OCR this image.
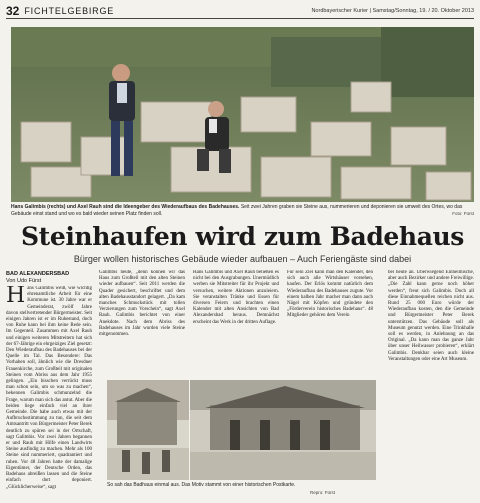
32 FICHTELGEBIRGE	Nordbayerischer Kurier | Samstag/Sonntag, 19. / 20. Oktober 2013
Hans Galimbis (rechts) und Axel Rauh sind die Ideengeber des Wiederaufbaus des Badehauses. Seit zwei Jahren graben sie Steine aus, nummerieren und deponieren sie umweit des Ortes, wo das Gebäude einst stand und wo es bald wieder seinen Platz finden soll.	Foto: Fürst
Steinhaufen wird zum Badehaus
Bürger wollen historisches Gebäude wieder aufbauen – Auch Feriengäste sind dabei
BAD ALEXANDERSBAD
Von Udo Fürst
H ans Galimbis weiß, wie wichtig ehrenamtliche Arbeit für eine Kommune ist. 30 Jahre war er Gemeinderat, zwölf Jahre davon stellvertretender Bürgermeister. Seit einigen Jahren ist er im Ruhestand, doch von Ruhe kann bei ihm keine Rede sein. Im Gegenteil. Zusammen mit Axel Rauh und einigen weiteren Mitstreitern hat sich der 67-Jährige ein ehrgeiziges Ziel gesetzt: Den Wiederaufbau des Badehauses bei der Quelle im Tal. Das Besondere: Das Vorhaben soll, ähnlich wie die Dresdner Frauenkirche, zum Großteil mit originalen Steinen vom Abriss aus dem Jahr 1955 gelingen. „Ein bisschen verrückt muss man schon sein, um so was zu machen“, bekennen Galimbis schmunzelnd die Frage, warum man sich das antut. Aber die beiden liege einfach viel an ihrer Gemeinde. Die habe auch etwas mit der Aufbruchsstimmung zu tun, die seit dem Amtsantritt von Bürgermeister Peter Berek deutlich zu spüren sei in der Ortschaft, sagt Galimbis. Vor zwei Jahren begannen er und Rauh mit Hilfe einen Landwirts Steine ausfindig zu machen. Mehr als 100 Steine sind nummeriert, quadrantiert und ruhen. Vor 48 Jahren hatte der damalige Eigentümer, der Deutsche Orden, das Badehaus abreißen lassen und die Steine einfach dort deponiert. „Glücklicherweise“, sagt
Galimbis heute, „denn können wir das Haus zum Großteil mit den alten Steinen wieder aufbauen“. Seit 2011 werden die Quader gesichert, beschriftet und dem alten Badehausstandort gelagert. „Da kam manches Schmuckstück mit tollen Verzierungen zum Vorschein“, sagt Axel Rauh. Galimbis berichtet von einer Anekdote. Nach dem Abriss des Badehauses im Jahr wurden viele Steine mitgenommen.
Hans Galimbis und Axel Rauh beließen es nicht bei den Ausgrabungen. Unermüdlich werben sie Mitstreiter für ihr Projekt und versuchen, weitere Aktionen anzuleiern. Sie veranstalten Tränke und Essen für diversen Feiern und brachten einen Kalender mit alten Ansichten von Bad Alexandersbad heraus. Demnächst erscheint das Werk in der dritten Auflage.
Für sein Ziel kann man den Kalender, den sich auch alle Wirtshäuser vorsehen, kaufen. Der Erlös kommt natürlich dem Wiederaufbau des Badehauses zugute. Vor einem halben Jahr macher man dann auch Nägel mit Köpfen und gründete den „Förderverein historisches Badehaus“. 48 Mitglieder gehören dem Verein
bei heute an. Überwiegend Einheimische, aber auch Bezirker und andere Freiwillige. „Die Zahl kann gerne noch höher werden“, freut sich Galimbis. Doch all diese Einnahmequellen reichen nicht aus. Rund 25 000 Euro würde der Wiederaufbau kosten, den die Gemeinde und Bürgermeister Peter Berek unterstützen. Das Gebäude soll als Museum genutzt werden. Eine Trinkhalle soll es werden, in Anlehnung an das Original. „Da kann man das ganze Jahr über unser Heilwasser probieren“, erklärt Galimbis. Denkbar seien auch kleine Veranstaltungen oder eine Art Museum.
So sah das Badhaus einmal aus. Das Motiv stammt von einer historischen Postkarte.
Repro: Fürst
